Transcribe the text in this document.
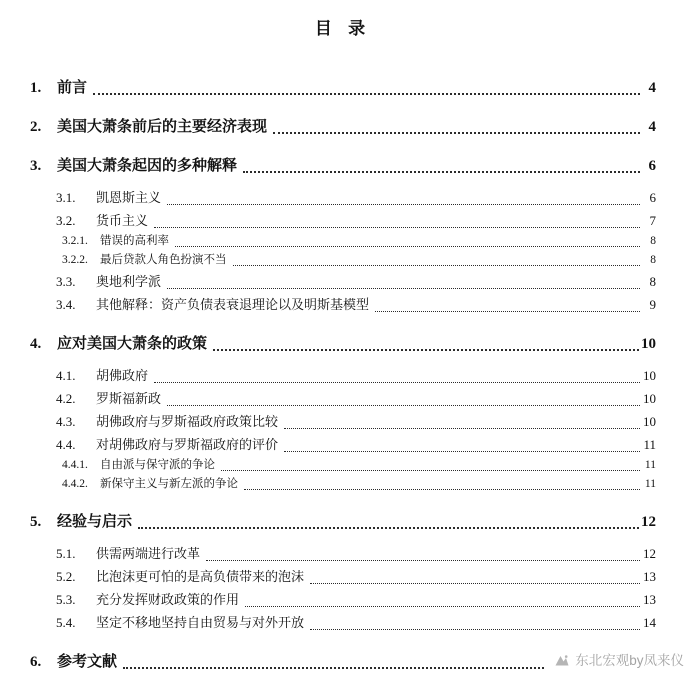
目 录
1.	前言	4
2.	美国大萧条前后的主要经济表现	4
3.	美国大萧条起因的多种解释	6
3.1.	凯恩斯主义	6
3.2.	货币主义	7
3.2.1.	错误的高利率	8
3.2.2.	最后贷款人角色扮演不当	8
3.3.	奥地利学派	8
3.4.	其他解释：资产负债表衰退理论以及明斯基模型	9
4.	应对美国大萧条的政策	10
4.1.	胡佛政府	10
4.2.	罗斯福新政	10
4.3.	胡佛政府与罗斯福政府政策比较	10
4.4.	对胡佛政府与罗斯福政府的评价	11
4.4.1.	自由派与保守派的争论	11
4.4.2.	新保守主义与新左派的争论	11
5.	经验与启示	12
5.1.	供需两端进行改革	12
5.2.	比泡沫更可怕的是高负债带来的泡沫	13
5.3.	充分发挥财政政策的作用	13
5.4.	坚定不移地坚持自由贸易与对外开放	14
6.	参考文献	东北宏观by凤来仪
